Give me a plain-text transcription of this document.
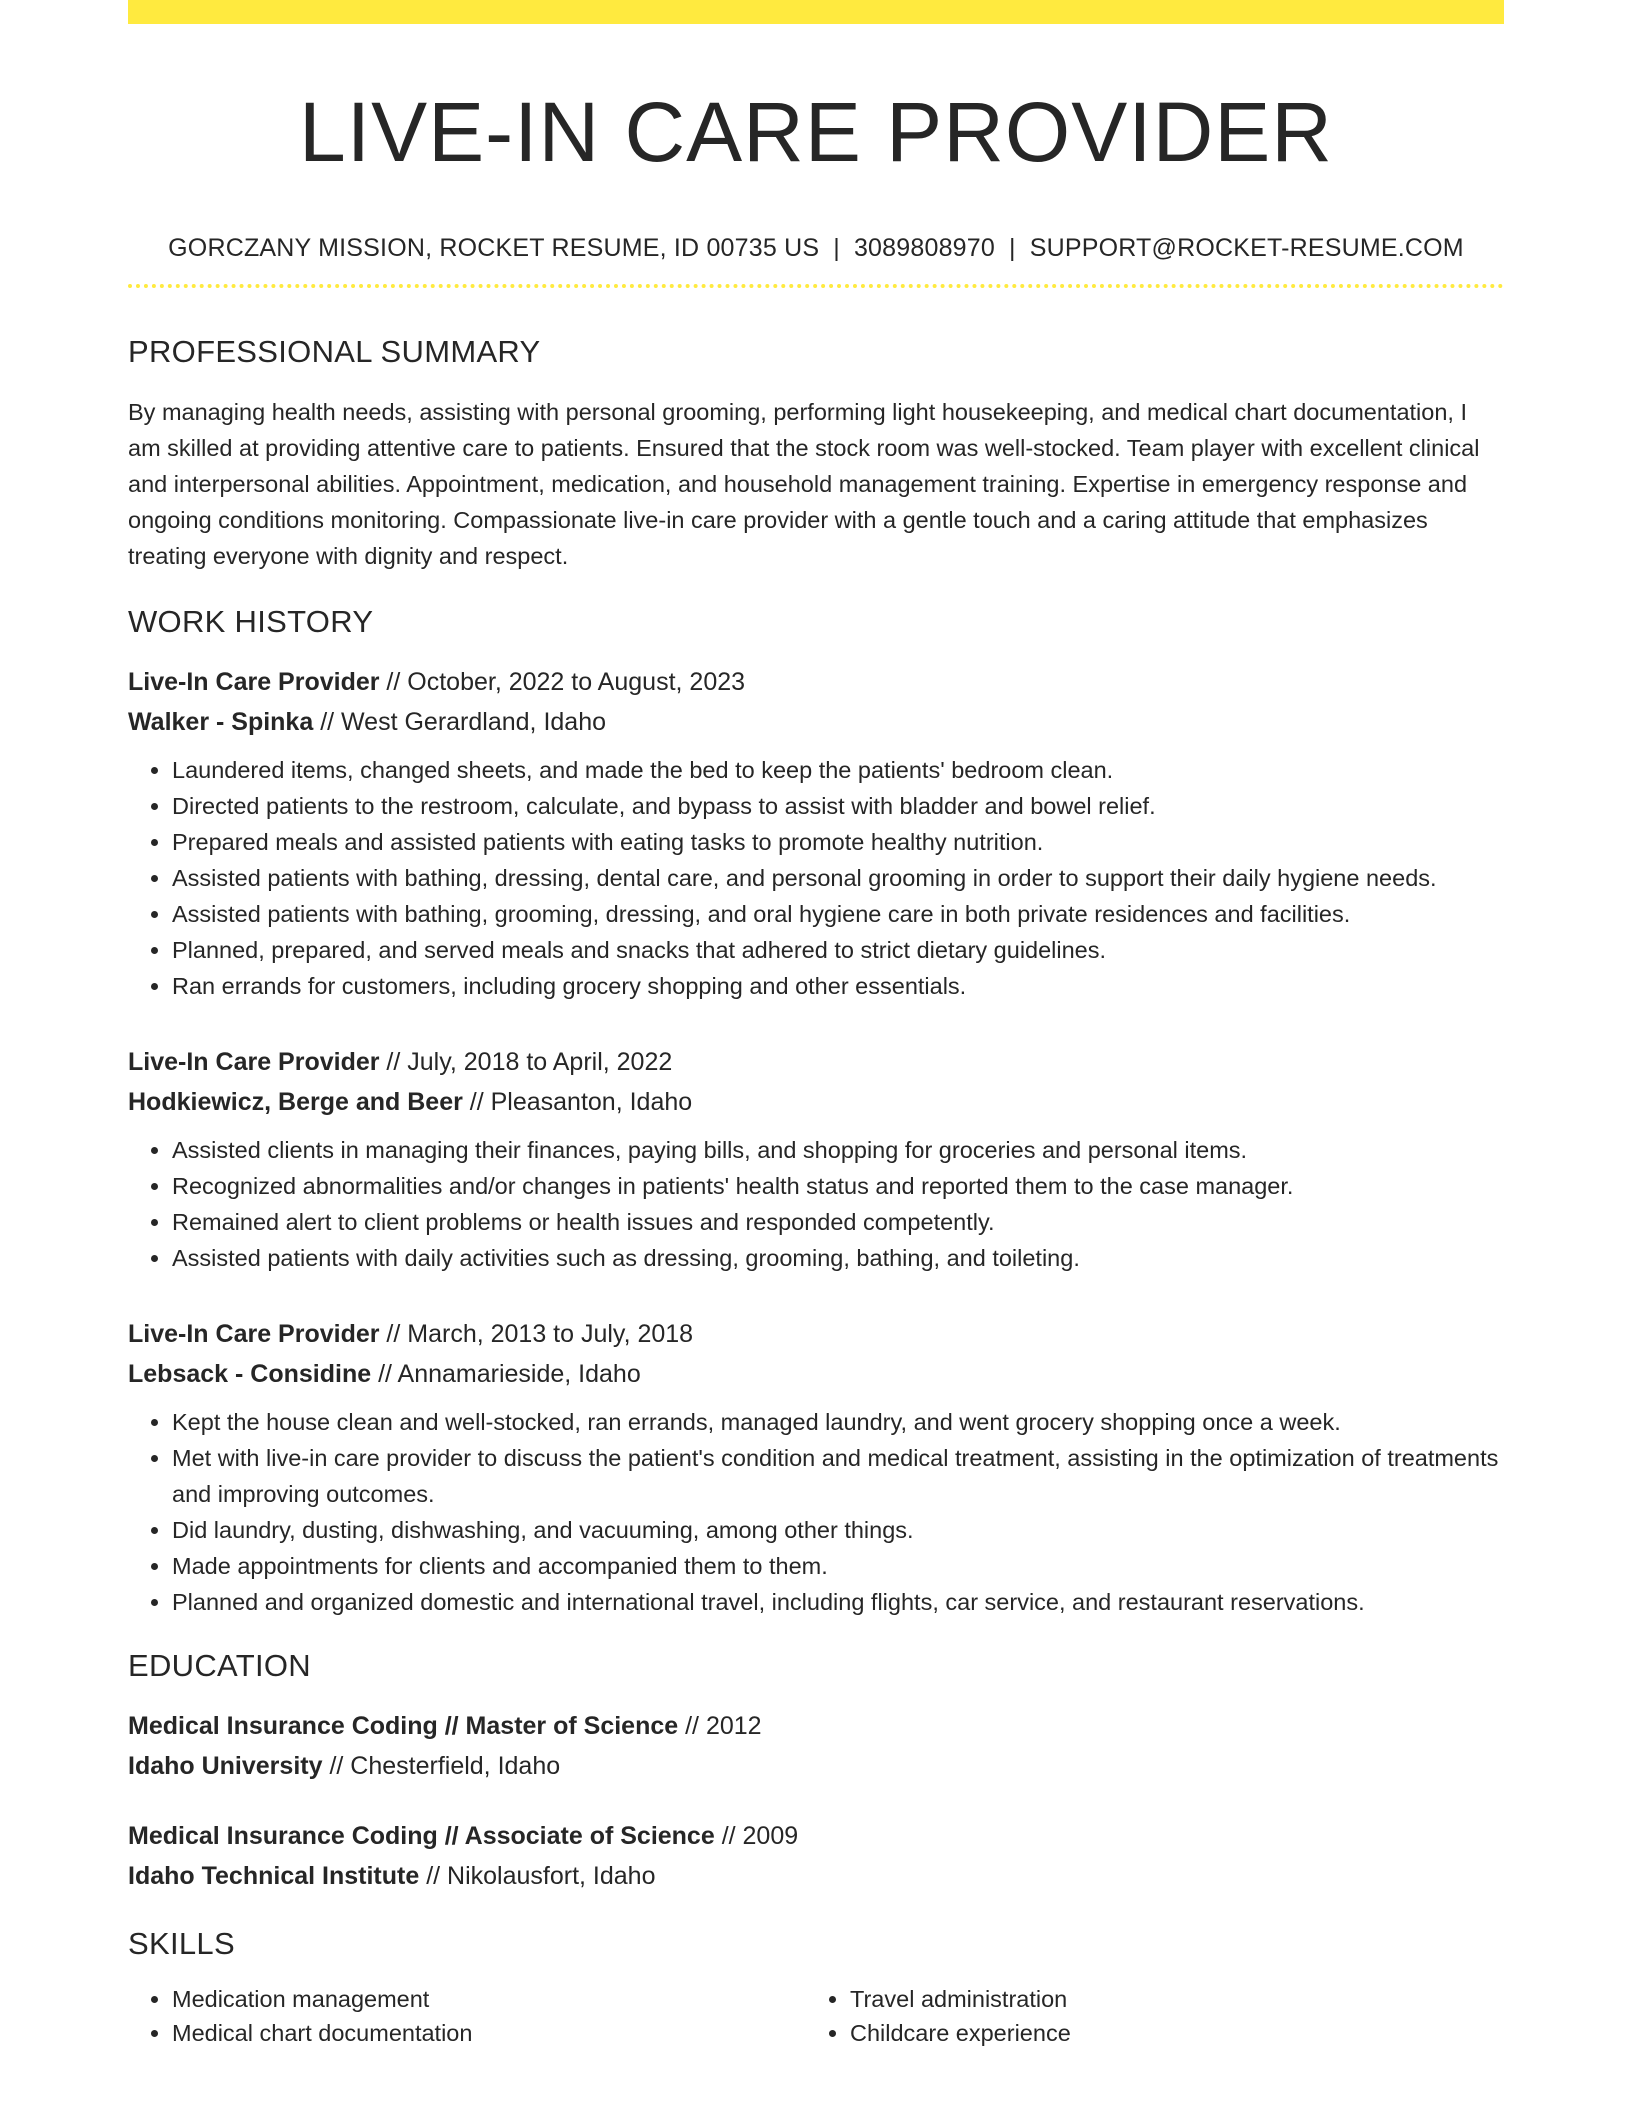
LIVE-IN CARE PROVIDER
GORCZANY MISSION, ROCKET RESUME, ID 00735 US | 3089808970 | SUPPORT@ROCKET-RESUME.COM
PROFESSIONAL SUMMARY

By managing health needs, assisting with personal grooming, performing light housekeeping, and medical chart documentation, I am skilled at providing attentive care to patients. Ensured that the stock room was well-stocked. Team player with excellent clinical and interpersonal abilities. Appointment, medication, and household management training. Expertise in emergency response and ongoing conditions monitoring. Compassionate live-in care provider with a gentle touch and a caring attitude that emphasizes treating everyone with dignity and respect.

WORK HISTORY
Live-In Care Provider // October, 2022 to August, 2023
Walker - Spinka // West Gerardland, Idaho
• Laundered items, changed sheets, and made the bed to keep the patients' bedroom clean.
• Directed patients to the restroom, calculate, and bypass to assist with bladder and bowel relief.
• Prepared meals and assisted patients with eating tasks to promote healthy nutrition.
• Assisted patients with bathing, dressing, dental care, and personal grooming in order to support their daily hygiene needs.
• Assisted patients with bathing, grooming, dressing, and oral hygiene care in both private residences and facilities.
• Planned, prepared, and served meals and snacks that adhered to strict dietary guidelines.
• Ran errands for customers, including grocery shopping and other essentials.
Live-In Care Provider // July, 2018 to April, 2022
Hodkiewicz, Berge and Beer // Pleasanton, Idaho
• Assisted clients in managing their finances, paying bills, and shopping for groceries and personal items.
• Recognized abnormalities and/or changes in patients' health status and reported them to the case manager.
• Remained alert to client problems or health issues and responded competently.
• Assisted patients with daily activities such as dressing, grooming, bathing, and toileting.
Live-In Care Provider // March, 2013 to July, 2018
Lebsack - Considine // Annamarieside, Idaho
• Kept the house clean and well-stocked, ran errands, managed laundry, and went grocery shopping once a week.
• Met with live-in care provider to discuss the patient's condition and medical treatment, assisting in the optimization of treatments and improving outcomes.
• Did laundry, dusting, dishwashing, and vacuuming, among other things.
• Made appointments for clients and accompanied them to them.
• Planned and organized domestic and international travel, including flights, car service, and restaurant reservations.
EDUCATION
Medical Insurance Coding // Master of Science // 2012
Idaho University // Chesterfield, Idaho
Medical Insurance Coding // Associate of Science // 2009
Idaho Technical Institute // Nikolausfort, Idaho
SKILLS
• Medication management
• Medical chart documentation
• Travel administration
• Childcare experience
